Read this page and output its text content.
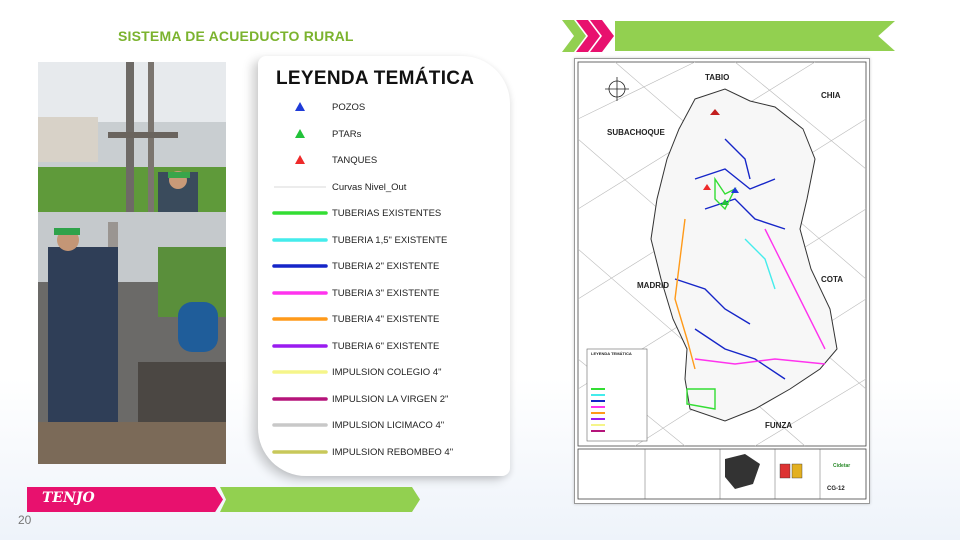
SISTEMA DE ACUEDUCTO RURAL
LEYENDA TEMÁTICA
POZOS
PTARs
TANQUES
Curvas Nivel_Out
TUBERIAS EXISTENTES
TUBERIA 1,5" EXISTENTE
TUBERIA 2" EXISTENTE
TUBERIA 3" EXISTENTE
TUBERIA 4" EXISTENTE
TUBERIA 6" EXISTENTE
IMPULSION COLEGIO 4"
IMPULSION LA VIRGEN 2"
IMPULSION LICIMACO 4"
IMPULSION REBOMBEO 4"
TABIO
CHIA
SUBACHOQUE
MADRID
COTA
FUNZA
LEYENDA TEMÁTICA
Cidetar
CG-12
TENJO
20
